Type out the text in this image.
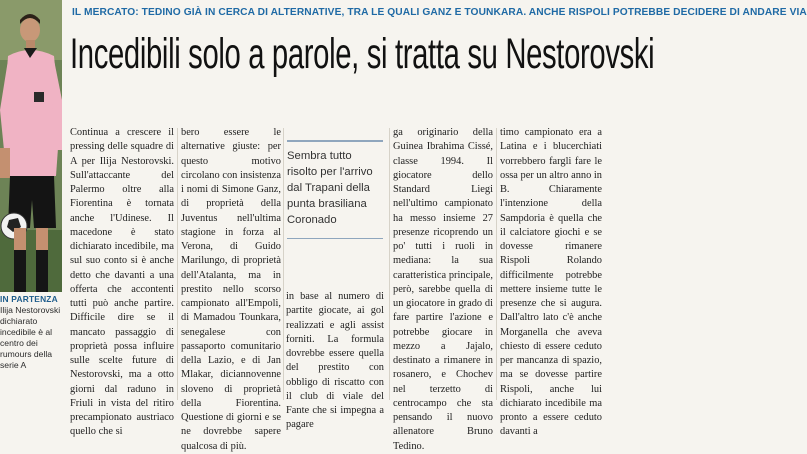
IN PARTENZA
Ilija Nestorovski dichiarato incedibile è al centro dei rumours della serie A
IL MERCATO: TEDINO GIÀ IN CERCA DI ALTERNATIVE, TRA LE QUALI GANZ E TOUNKARA. ANCHE RISPOLI POTREBBE DECIDERE DI ANDARE VIA
Incedibili solo a parole, si tratta su Nestorovski
Continua a crescere il pressing delle squadre di A per Ilija Nestorovski. Sull'attaccante del Palermo oltre alla Fiorentina è tornata anche l'Udinese. Il macedone è stato dichiarato incedibile, ma sul suo conto si è anche detto che davanti a una offerta che accontenti tutti può anche partire. Difficile dire se il mancato passaggio di proprietà possa influire sulle scelte future di Nestorovski, ma a otto giorni dal raduno in Friuli in vista del ritiro precampionato austriaco quello che si
bero essere le alternative giuste: per questo motivo circolano con insistenza i nomi di Simone Ganz, di proprietà della Juventus nell'ultima stagione in forza al Verona, di Guido Marilungo, di proprietà dell'Atalanta, ma in prestito nello scorso campionato all'Empoli, di Mamadou Tounkara, senegalese con passaporto comunitario della Lazio, e di Jan Mlakar, diciannovenne sloveno di proprietà della Fiorentina. Questione di giorni e se ne dovrebbe sapere qualcosa di più.
Sembra tutto risolto per l'arrivo dal Trapani della punta brasiliana Coronado
in base al numero di partite giocate, ai gol realizzati e agli assist forniti. La formula dovrebbe essere quella del prestito con obbligo di riscatto con il club di viale del Fante che si impegna a pagare
ga originario della Guinea Ibrahima Cissé, classe 1994. Il giocatore dello Standard Liegi nell'ultimo campionato ha messo insieme 27 presenze ricoprendo un po' tutti i ruoli in mediana: la sua caratteristica principale, però, sarebbe quella di un giocatore in grado di fare partire l'azione e potrebbe giocare in mezzo a Jajalo, destinato a rimanere in rosanero, e Chochev nel terzetto di centrocampo che sta pensando il nuovo allenatore Bruno Tedino.
timo campionato era a Latina e i blucerchiati vorrebbero fargli fare le ossa per un altro anno in B. Chiaramente l'intenzione della Sampdoria è quella che il calciatore giochi e se dovesse rimanere Rispoli Rolando difficilmente potrebbe mettere insieme tutte le presenze che si augura. Dall'altro lato c'è anche Morganella che aveva chiesto di essere ceduto per mancanza di spazio, ma se dovesse partire Rispoli, anche lui dichiarato incedibile ma pronto a essere ceduto davanti a
